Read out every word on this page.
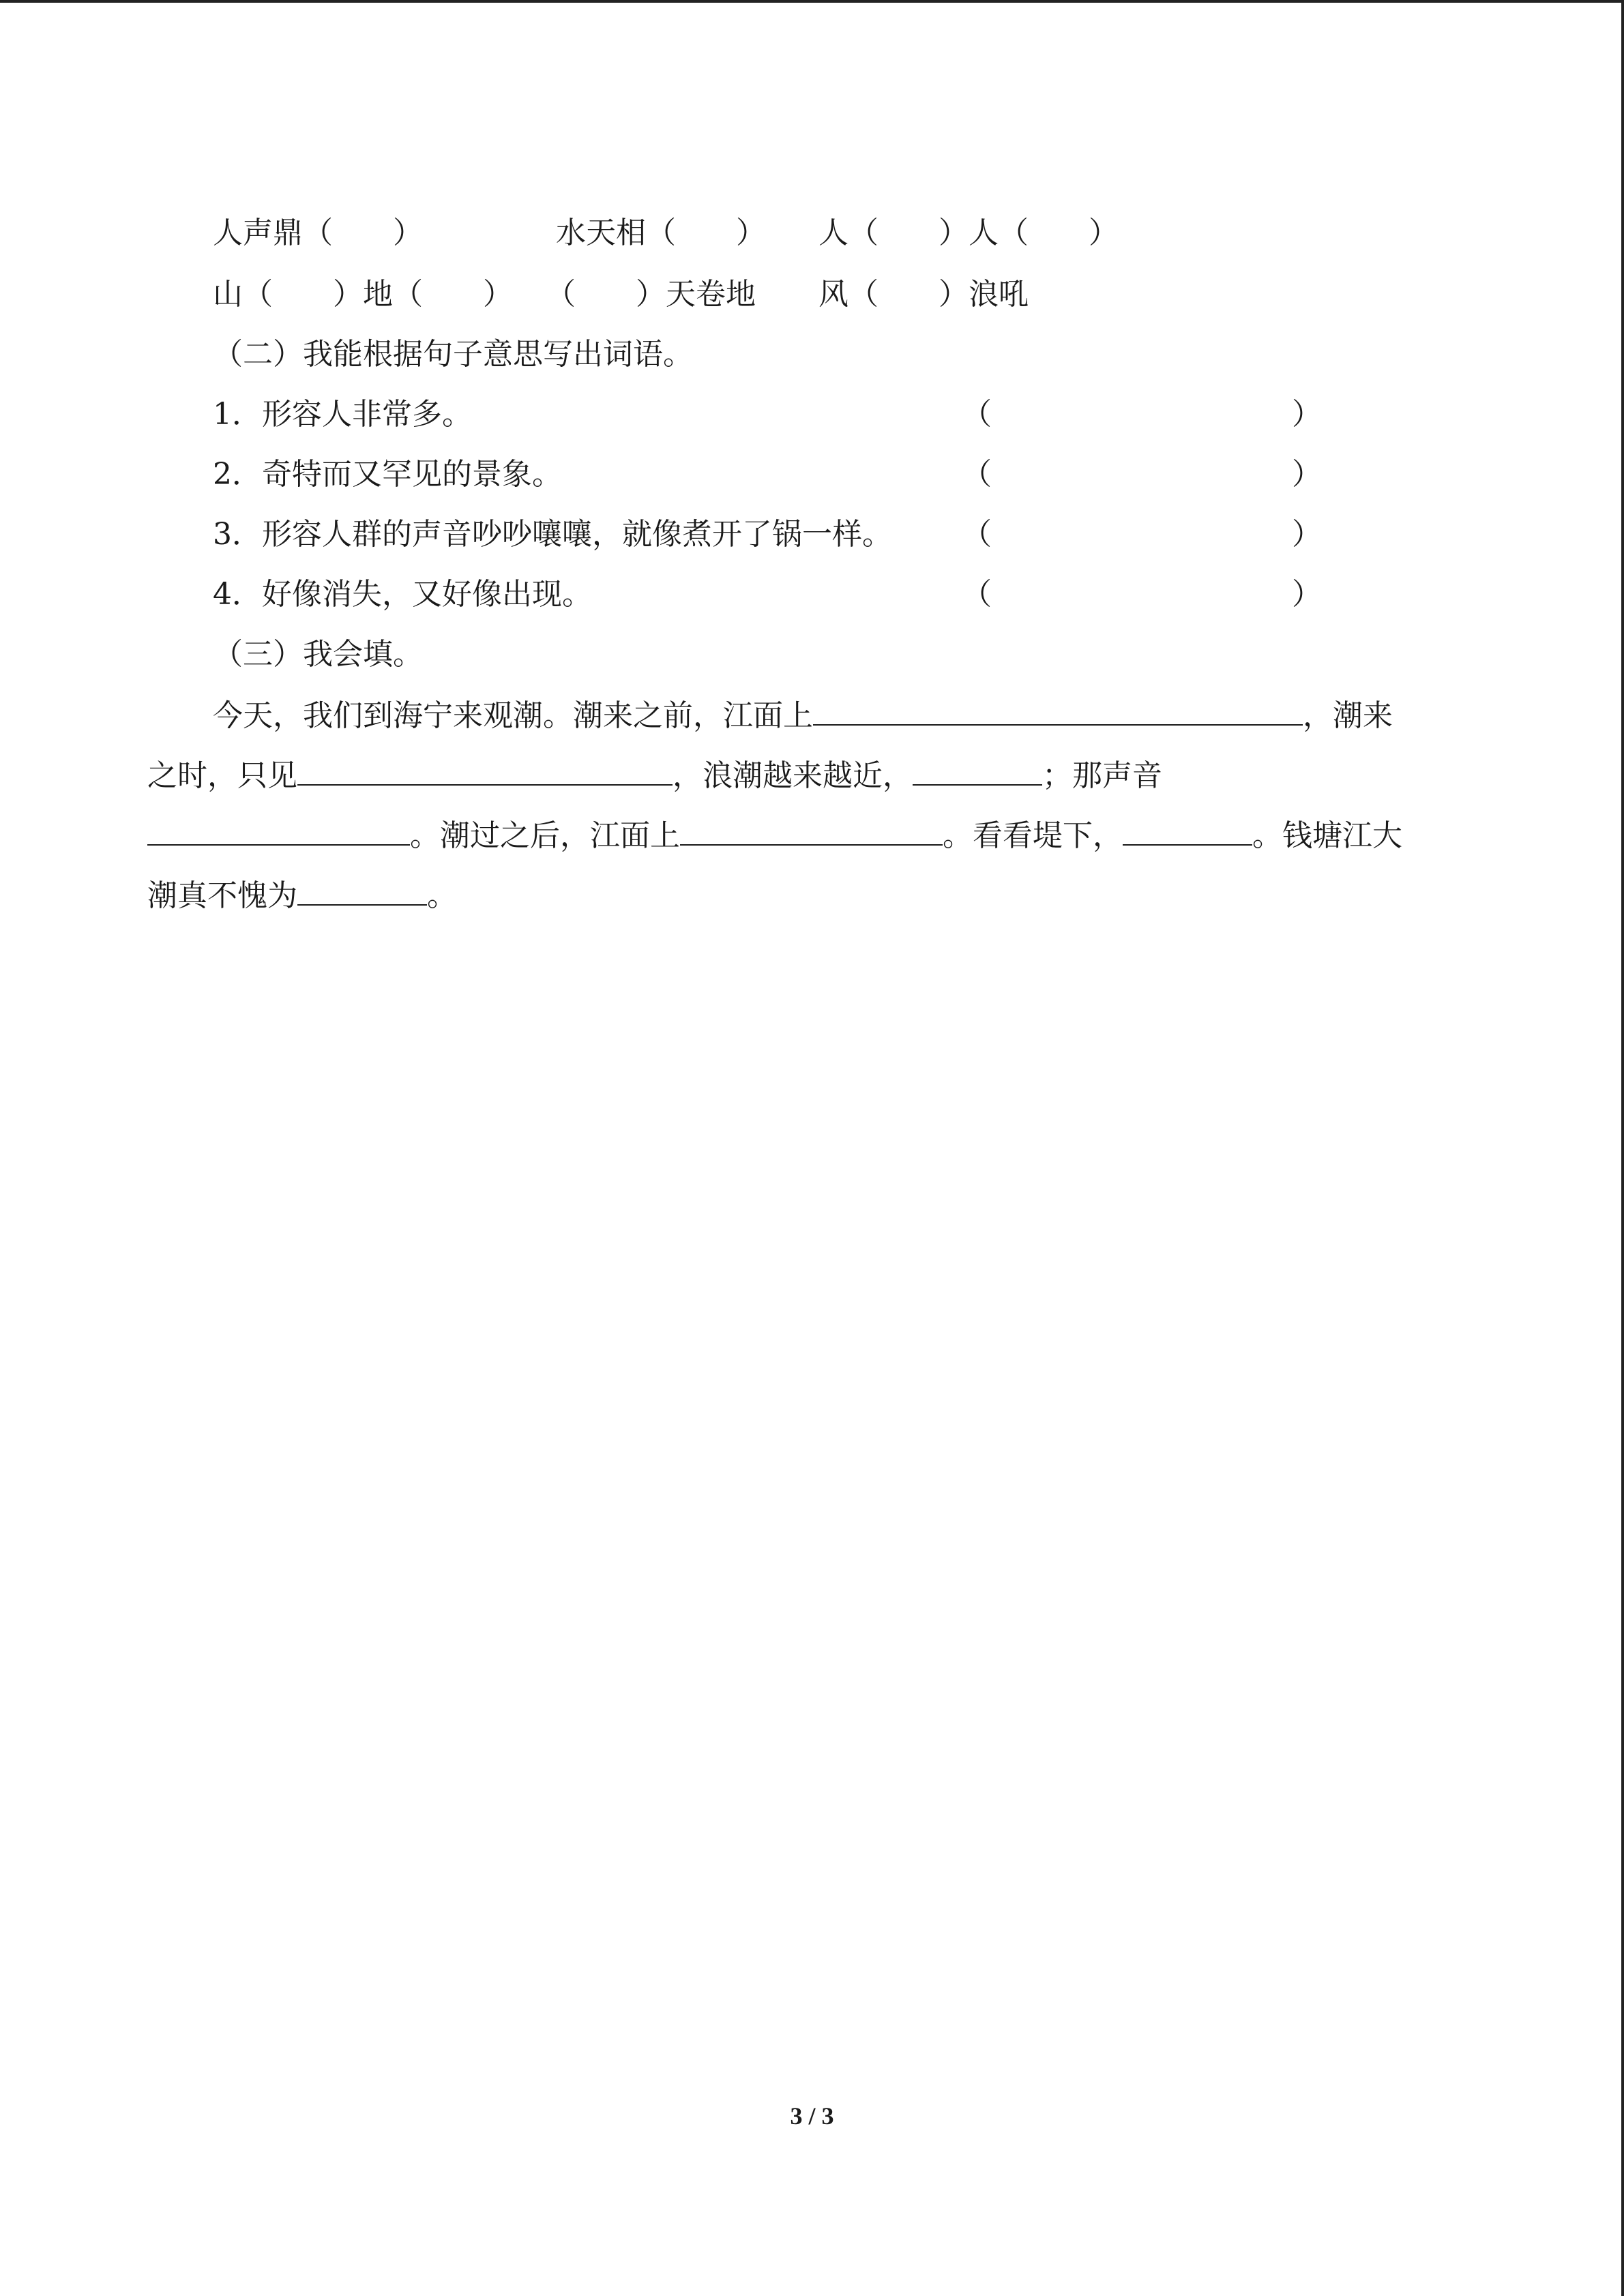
人声鼎（　　）	水天相（　　） 人（　　）人（　　）
山（　　）地（　　） （　　）天卷地 风（　　）浪吼
（二）我能根据句子意思写出词语。
1．形容人非常多。	（　　　　　　　　　　）
2．奇特而又罕见的景象。	（　　　　　　　　　　）
3．形容人群的声音吵吵嚷嚷，就像煮开了锅一样。 （　　　　　　　　　　）
4．好像消失，又好像出现。	（　　　　　　　　　　）
（三）我会填。
今天，我们到海宁来观潮。潮来之前，江面上	，潮来
之时，只见	，浪潮越来越近，	；那声音
。潮过之后，江面上	。看看堤下，	。钱塘江大
潮真不愧为	。
3 / 3
